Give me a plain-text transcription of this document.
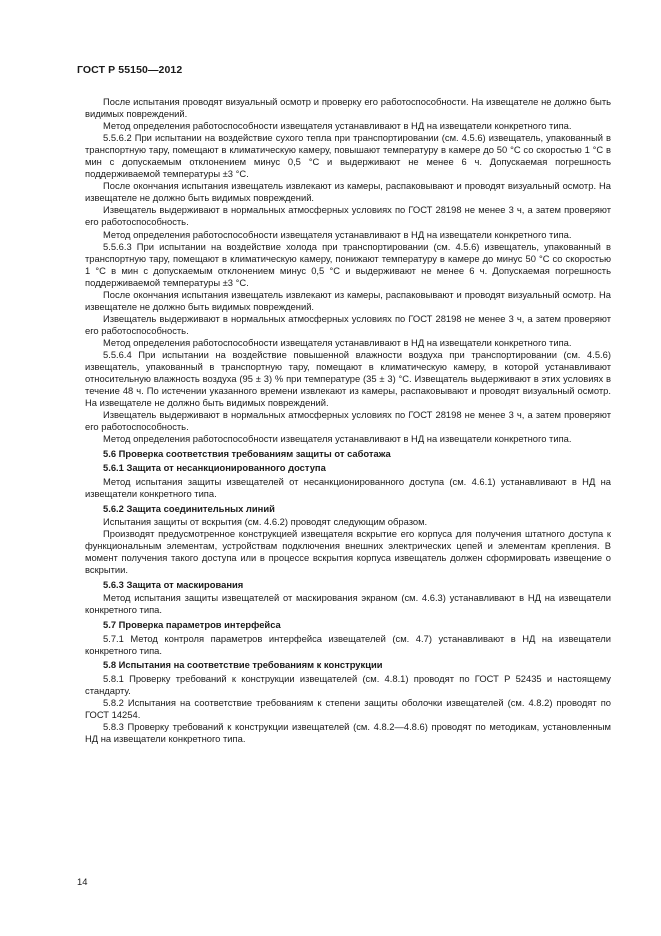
ГОСТ Р 55150—2012

После испытания проводят визуальный осмотр и проверку его работоспособности. На извещателе не должно быть видимых повреждений.

Метод определения работоспособности извещателя устанавливают в НД на извещатели конкретного типа.

5.5.6.2 При испытании на воздействие сухого тепла при транспортировании (см. 4.5.6) извещатель, упакованный в транспортную тару, помещают в климатическую камеру, повышают температуру в камере до 50 °С со скоростью 1 °С в мин с допускаемым отклонением минус 0,5 °С и выдерживают не менее 6 ч. Допускаемая погрешность поддерживаемой температуры ±3 °С.

После окончания испытания извещатель извлекают из камеры, распаковывают и проводят визуальный осмотр. На извещателе не должно быть видимых повреждений.

Извещатель выдерживают в нормальных атмосферных условиях по ГОСТ 28198 не менее 3 ч, а затем проверяют его работоспособность.

Метод определения работоспособности извещателя устанавливают в НД на извещатели конкретного типа.

5.5.6.3 При испытании на воздействие холода при транспортировании (см. 4.5.6) извещатель, упакованный в транспортную тару, помещают в климатическую камеру, понижают температуру в камере до минус 50 °С со скоростью 1 °С в мин с допускаемым отклонением минус 0,5 °С и выдерживают не менее 6 ч. Допускаемая погрешность поддерживаемой температуры ±3 °С.

После окончания испытания извещатель извлекают из камеры, распаковывают и проводят визуальный осмотр. На извещателе не должно быть видимых повреждений.

Извещатель выдерживают в нормальных атмосферных условиях по ГОСТ 28198 не менее 3 ч, а затем проверяют его работоспособность.

Метод определения работоспособности извещателя устанавливают в НД на извещатели конкретного типа.

5.5.6.4 При испытании на воздействие повышенной влажности воздуха при транспортировании (см. 4.5.6) извещатель, упакованный в транспортную тару, помещают в климатическую камеру, в которой устанавливают относительную влажность воздуха (95 ± 3) % при температуре (35 ± 3) °С. Извещатель выдерживают в этих условиях в течение 48 ч. По истечении указанного времени извлекают из камеры, распаковывают и проводят визуальный осмотр. На извещателе не должно быть видимых повреждений.

Извещатель выдерживают в нормальных атмосферных условиях по ГОСТ 28198 не менее 3 ч, а затем проверяют его работоспособность.

Метод определения работоспособности извещателя устанавливают в НД на извещатели конкретного типа.

5.6 Проверка соответствия требованиям защиты от саботажа

5.6.1 Защита от несанкционированного доступа

Метод испытания защиты извещателей от несанкционированного доступа (см. 4.6.1) устанавливают в НД на извещатели конкретного типа.

5.6.2 Защита соединительных линий

Испытания защиты от вскрытия (см. 4.6.2) проводят следующим образом.

Производят предусмотренное конструкцией извещателя вскрытие его корпуса для получения штатного доступа к функциональным элементам, устройствам подключения внешних электрических цепей и элементам крепления. В момент получения такого доступа или в процессе вскрытия корпуса извещатель должен сформировать извещение о вскрытии.

5.6.3 Защита от маскирования

Метод испытания защиты извещателей от маскирования экраном (см. 4.6.3) устанавливают в НД на извещатели конкретного типа.

5.7 Проверка параметров интерфейса

5.7.1 Метод контроля параметров интерфейса извещателей (см. 4.7) устанавливают в НД на извещатели конкретного типа.

5.8 Испытания на соответствие требованиям к конструкции

5.8.1 Проверку требований к конструкции извещателей (см. 4.8.1) проводят по ГОСТ Р 52435 и настоящему стандарту.

5.8.2 Испытания на соответствие требованиям к степени защиты оболочки извещателей (см. 4.8.2) проводят по ГОСТ 14254.

5.8.3 Проверку требований к конструкции извещателей (см. 4.8.2—4.8.6) проводят по методикам, установленным НД на извещатели конкретного типа.

14
